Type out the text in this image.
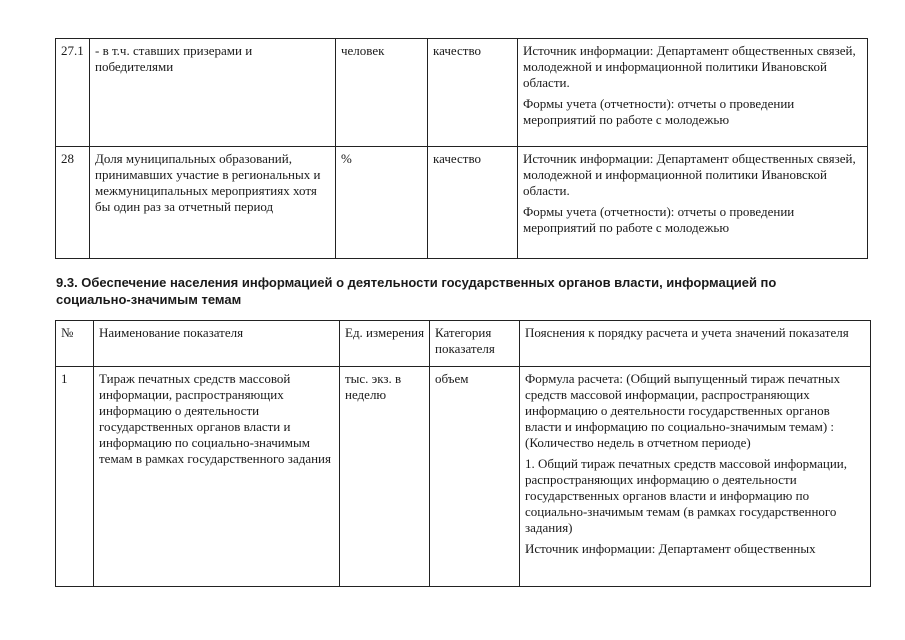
27.1	- в т.ч. ставших призерами и победителями	человек	качество	Источник информации: Департамент общественных связей, молодежной и информационной политики Ивановской области.

Формы учета (отчетности): отчеты о проведении мероприятий по работе с молодежью

28	Доля муниципальных образований, принимавших участие в региональных и межмуниципальных мероприятиях хотя бы один раз за отчетный период	%	качество	Источник информации: Департамент общественных связей, молодежной и информационной политики Ивановской области.

Формы учета (отчетности): отчеты о проведении мероприятий по работе с молодежью

9.3. Обеспечение населения информацией о деятельности государственных органов власти, информацией по социально-значимым темам

№	Наименование показателя	Ед. измерения	Категория показателя	Пояснения к порядку расчета и учета значений показателя
1	Тираж печатных средств массовой информации, распространяющих информацию о деятельности государственных органов власти и информацию по социально-значимым темам в рамках государственного задания	тыс. экз. в неделю	объем	Формула расчета: (Общий выпущенный тираж печатных средств массовой информации, распространяющих информацию о деятельности государственных органов власти и информацию по социально-значимым темам) : (Количество недель в отчетном периоде)

1. Общий тираж печатных средств массовой информации, распространяющих информацию о деятельности государственных органов власти и информацию по социально-значимым темам (в рамках государственного задания)

Источник информации: Департамент общественных
